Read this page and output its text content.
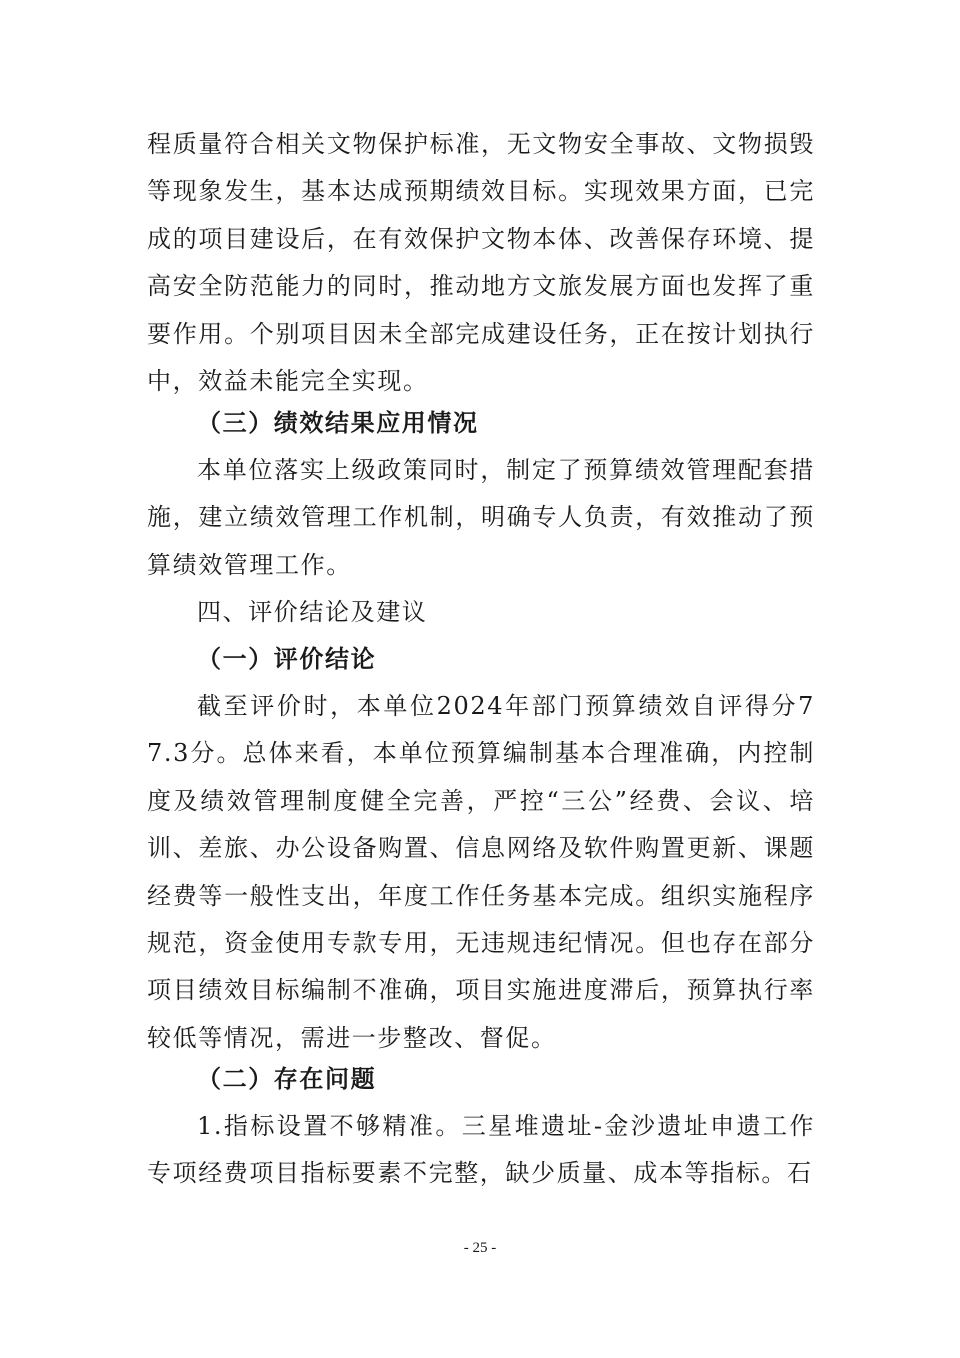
程质量符合相关文物保护标准，无文物安全事故、文物损毁等现象发生，基本达成预期绩效目标。实现效果方面，已完成的项目建设后，在有效保护文物本体、改善保存环境、提高安全防范能力的同时，推动地方文旅发展方面也发挥了重要作用。个别项目因未全部完成建设任务，正在按计划执行中，效益未能完全实现。

（三）绩效结果应用情况

本单位落实上级政策同时，制定了预算绩效管理配套措施，建立绩效管理工作机制，明确专人负责，有效推动了预算绩效管理工作。

四、评价结论及建议

（一）评价结论

截至评价时，本单位2024年部门预算绩效自评得分77.3分。总体来看，本单位预算编制基本合理准确，内控制度及绩效管理制度健全完善，严控“三公”经费、会议、培训、差旅、办公设备购置、信息网络及软件购置更新、课题经费等一般性支出，年度工作任务基本完成。组织实施程序规范，资金使用专款专用，无违规违纪情况。但也存在部分项目绩效目标编制不准确，项目实施进度滞后，预算执行率较低等情况，需进一步整改、督促。

（二）存在问题

1.指标设置不够精准。三星堆遗址-金沙遗址申遗工作专项经费项目指标要素不完整，缺少质量、成本等指标。石

- 25 -
